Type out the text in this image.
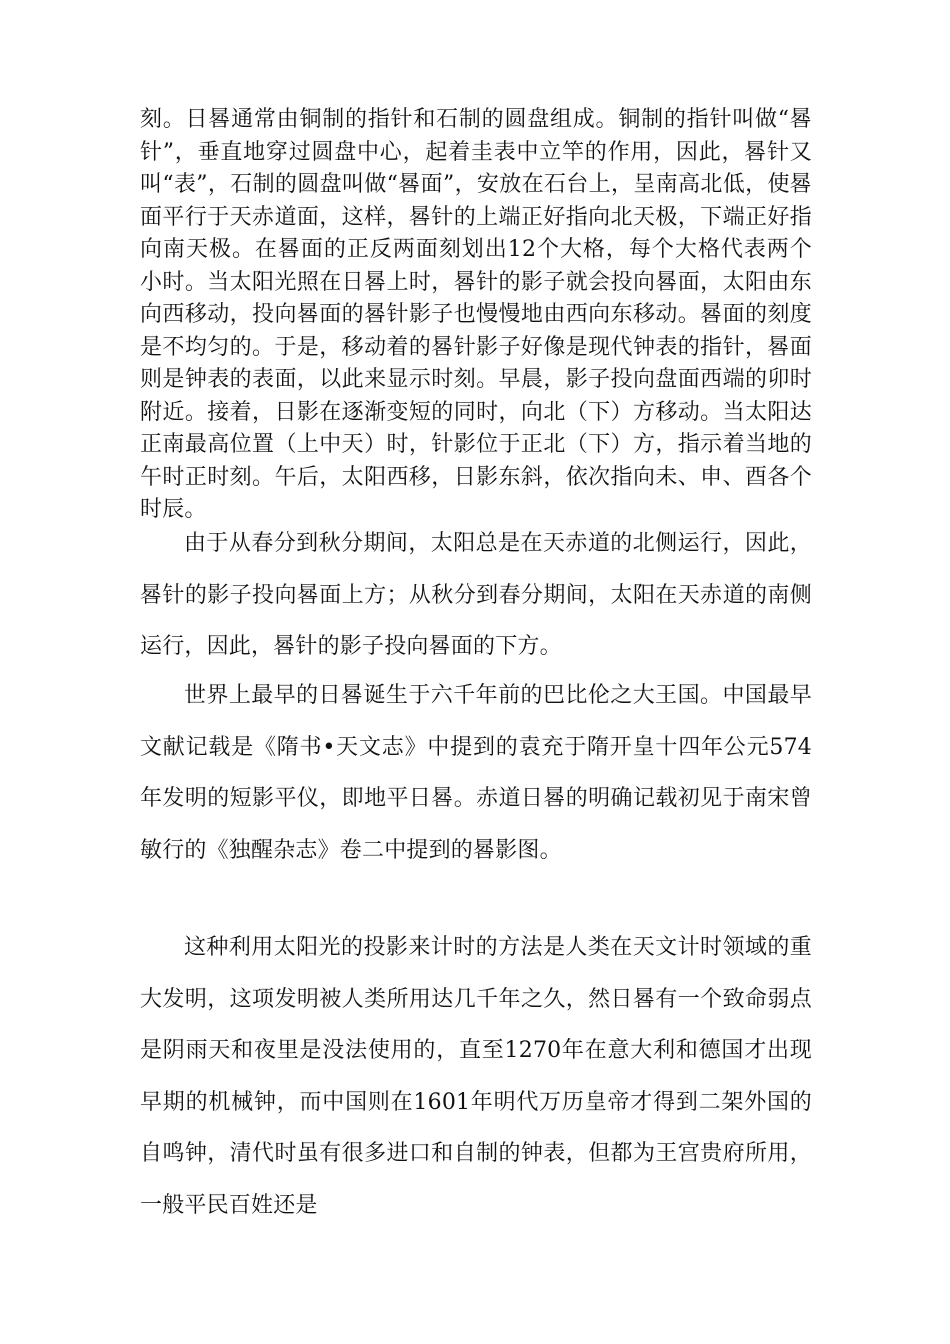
刻。日晷通常由铜制的指针和石制的圆盘组成。铜制的指针叫做“晷针”，垂直地穿过圆盘中心，起着圭表中立竿的作用，因此，晷针又叫“表”，石制的圆盘叫做“晷面”，安放在石台上，呈南高北低，使晷面平行于天赤道面，这样，晷针的上端正好指向北天极，下端正好指向南天极。在晷面的正反两面刻划出12个大格，每个大格代表两个小时。当太阳光照在日晷上时，晷针的影子就会投向晷面，太阳由东向西移动，投向晷面的晷针影子也慢慢地由西向东移动。晷面的刻度是不均匀的。于是，移动着的晷针影子好像是现代钟表的指针，晷面则是钟表的表面，以此来显示时刻。早晨，影子投向盘面西端的卯时附近。接着，日影在逐渐变短的同时，向北（下）方移动。当太阳达正南最高位置（上中天）时，针影位于正北（下）方，指示着当地的午时正时刻。午后，太阳西移，日影东斜，依次指向未、申、酉各个时辰。

由于从春分到秋分期间，太阳总是在天赤道的北侧运行，因此，晷针的影子投向晷面上方；从秋分到春分期间，太阳在天赤道的南侧运行，因此，晷针的影子投向晷面的下方。

世界上最早的日晷诞生于六千年前的巴比伦之大王国。中国最早文献记载是《隋书•天文志》中提到的袁充于隋开皇十四年公元574年发明的短影平仪，即地平日晷。赤道日晷的明确记载初见于南宋曾敏行的《独醒杂志》卷二中提到的晷影图。

这种利用太阳光的投影来计时的方法是人类在天文计时领域的重大发明，这项发明被人类所用达几千年之久，然日晷有一个致命弱点是阴雨天和夜里是没法使用的，直至1270年在意大利和德国才出现早期的机械钟，而中国则在1601年明代万历皇帝才得到二架外国的自鸣钟，清代时虽有很多进口和自制的钟表，但都为王宫贵府所用，一般平民百姓还是
